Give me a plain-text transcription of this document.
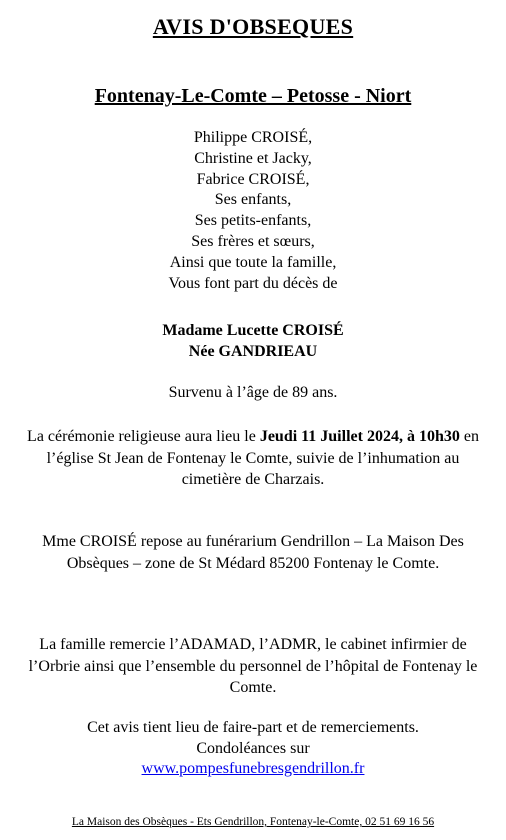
AVIS D'OBSEQUES
Fontenay-Le-Comte – Petosse - Niort
Philippe CROISÉ,
Christine et Jacky,
Fabrice CROISÉ,
Ses enfants,
Ses petits-enfants,
Ses frères et sœurs,
Ainsi que toute la famille,
Vous font part du décès de
Madame Lucette CROISÉ
Née GANDRIEAU
Survenu à l’âge de 89 ans.
La cérémonie religieuse aura lieu le Jeudi 11 Juillet 2024, à 10h30 en
l’église St Jean de Fontenay le Comte, suivie de l’inhumation au
cimetière de Charzais.
Mme CROISÉ repose au funérarium Gendrillon – La Maison Des
Obsèques – zone de St Médard 85200 Fontenay le Comte.
La famille remercie l’ADAMAD, l’ADMR, le cabinet infirmier de
l’Orbrie ainsi que l’ensemble du personnel de l’hôpital de Fontenay le
Comte.
Cet avis tient lieu de faire-part et de remerciements.
Condoléances sur
www.pompesfunebresgendrillon.fr
La Maison des Obsèques - Ets Gendrillon, Fontenay-le-Comte, 02 51 69 16 56
